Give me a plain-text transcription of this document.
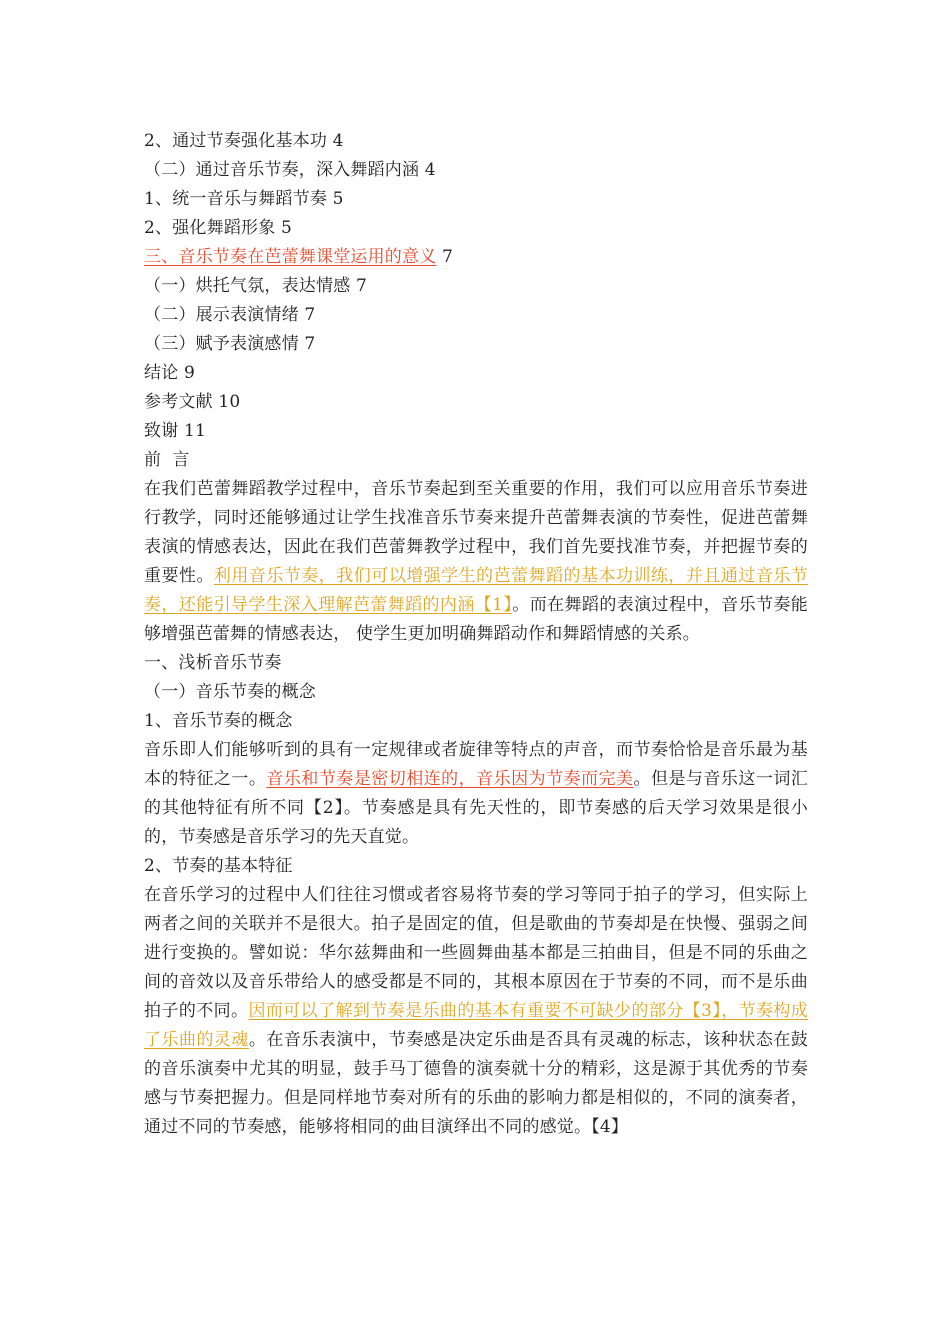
2、通过节奏强化基本功 4
（二）通过音乐节奏，深入舞蹈内涵 4
1、统一音乐与舞蹈节奏 5
2、强化舞蹈形象 5
三、音乐节奏在芭蕾舞课堂运用的意义 7
（一）烘托气氛，表达情感 7
（二）展示表演情绪 7
（三）赋予表演感情 7
结论 9
参考文献 10
致谢 11
前  言
在我们芭蕾舞蹈教学过程中，音乐节奏起到至关重要的作用，我们可以应用音乐节奏进行教学，同时还能够通过让学生找准音乐节奏来提升芭蕾舞表演的节奏性，促进芭蕾舞表演的情感表达，因此在我们芭蕾舞教学过程中，我们首先要找准节奏，并把握节奏的重要性。利用音乐节奏，我们可以增强学生的芭蕾舞蹈的基本功训练，并且通过音乐节奏，还能引导学生深入理解芭蕾舞蹈的内涵【1】。而在舞蹈的表演过程中，音乐节奏能够增强芭蕾舞的情感表达， 使学生更加明确舞蹈动作和舞蹈情感的关系。
一、浅析音乐节奏
（一）音乐节奏的概念
1、音乐节奏的概念
音乐即人们能够听到的具有一定规律或者旋律等特点的声音，而节奏恰恰是音乐最为基本的特征之一。音乐和节奏是密切相连的，音乐因为节奏而完美。但是与音乐这一词汇的其他特征有所不同【2】。节奏感是具有先天性的，即节奏感的后天学习效果是很小的，节奏感是音乐学习的先天直觉。
2、节奏的基本特征
在音乐学习的过程中人们往往习惯或者容易将节奏的学习等同于拍子的学习，但实际上两者之间的关联并不是很大。拍子是固定的值，但是歌曲的节奏却是在快慢、强弱之间进行变换的。譬如说：华尔兹舞曲和一些圆舞曲基本都是三拍曲目，但是不同的乐曲之间的音效以及音乐带给人的感受都是不同的，其根本原因在于节奏的不同，而不是乐曲拍子的不同。因而可以了解到节奏是乐曲的基本有重要不可缺少的部分【3】，节奏构成了乐曲的灵魂。在音乐表演中，节奏感是决定乐曲是否具有灵魂的标志，该种状态在鼓的音乐演奏中尤其的明显，鼓手马丁德鲁的演奏就十分的精彩，这是源于其优秀的节奏感与节奏把握力。但是同样地节奏对所有的乐曲的影响力都是相似的，不同的演奏者，通过不同的节奏感，能够将相同的曲目演绎出不同的感觉。【4】
